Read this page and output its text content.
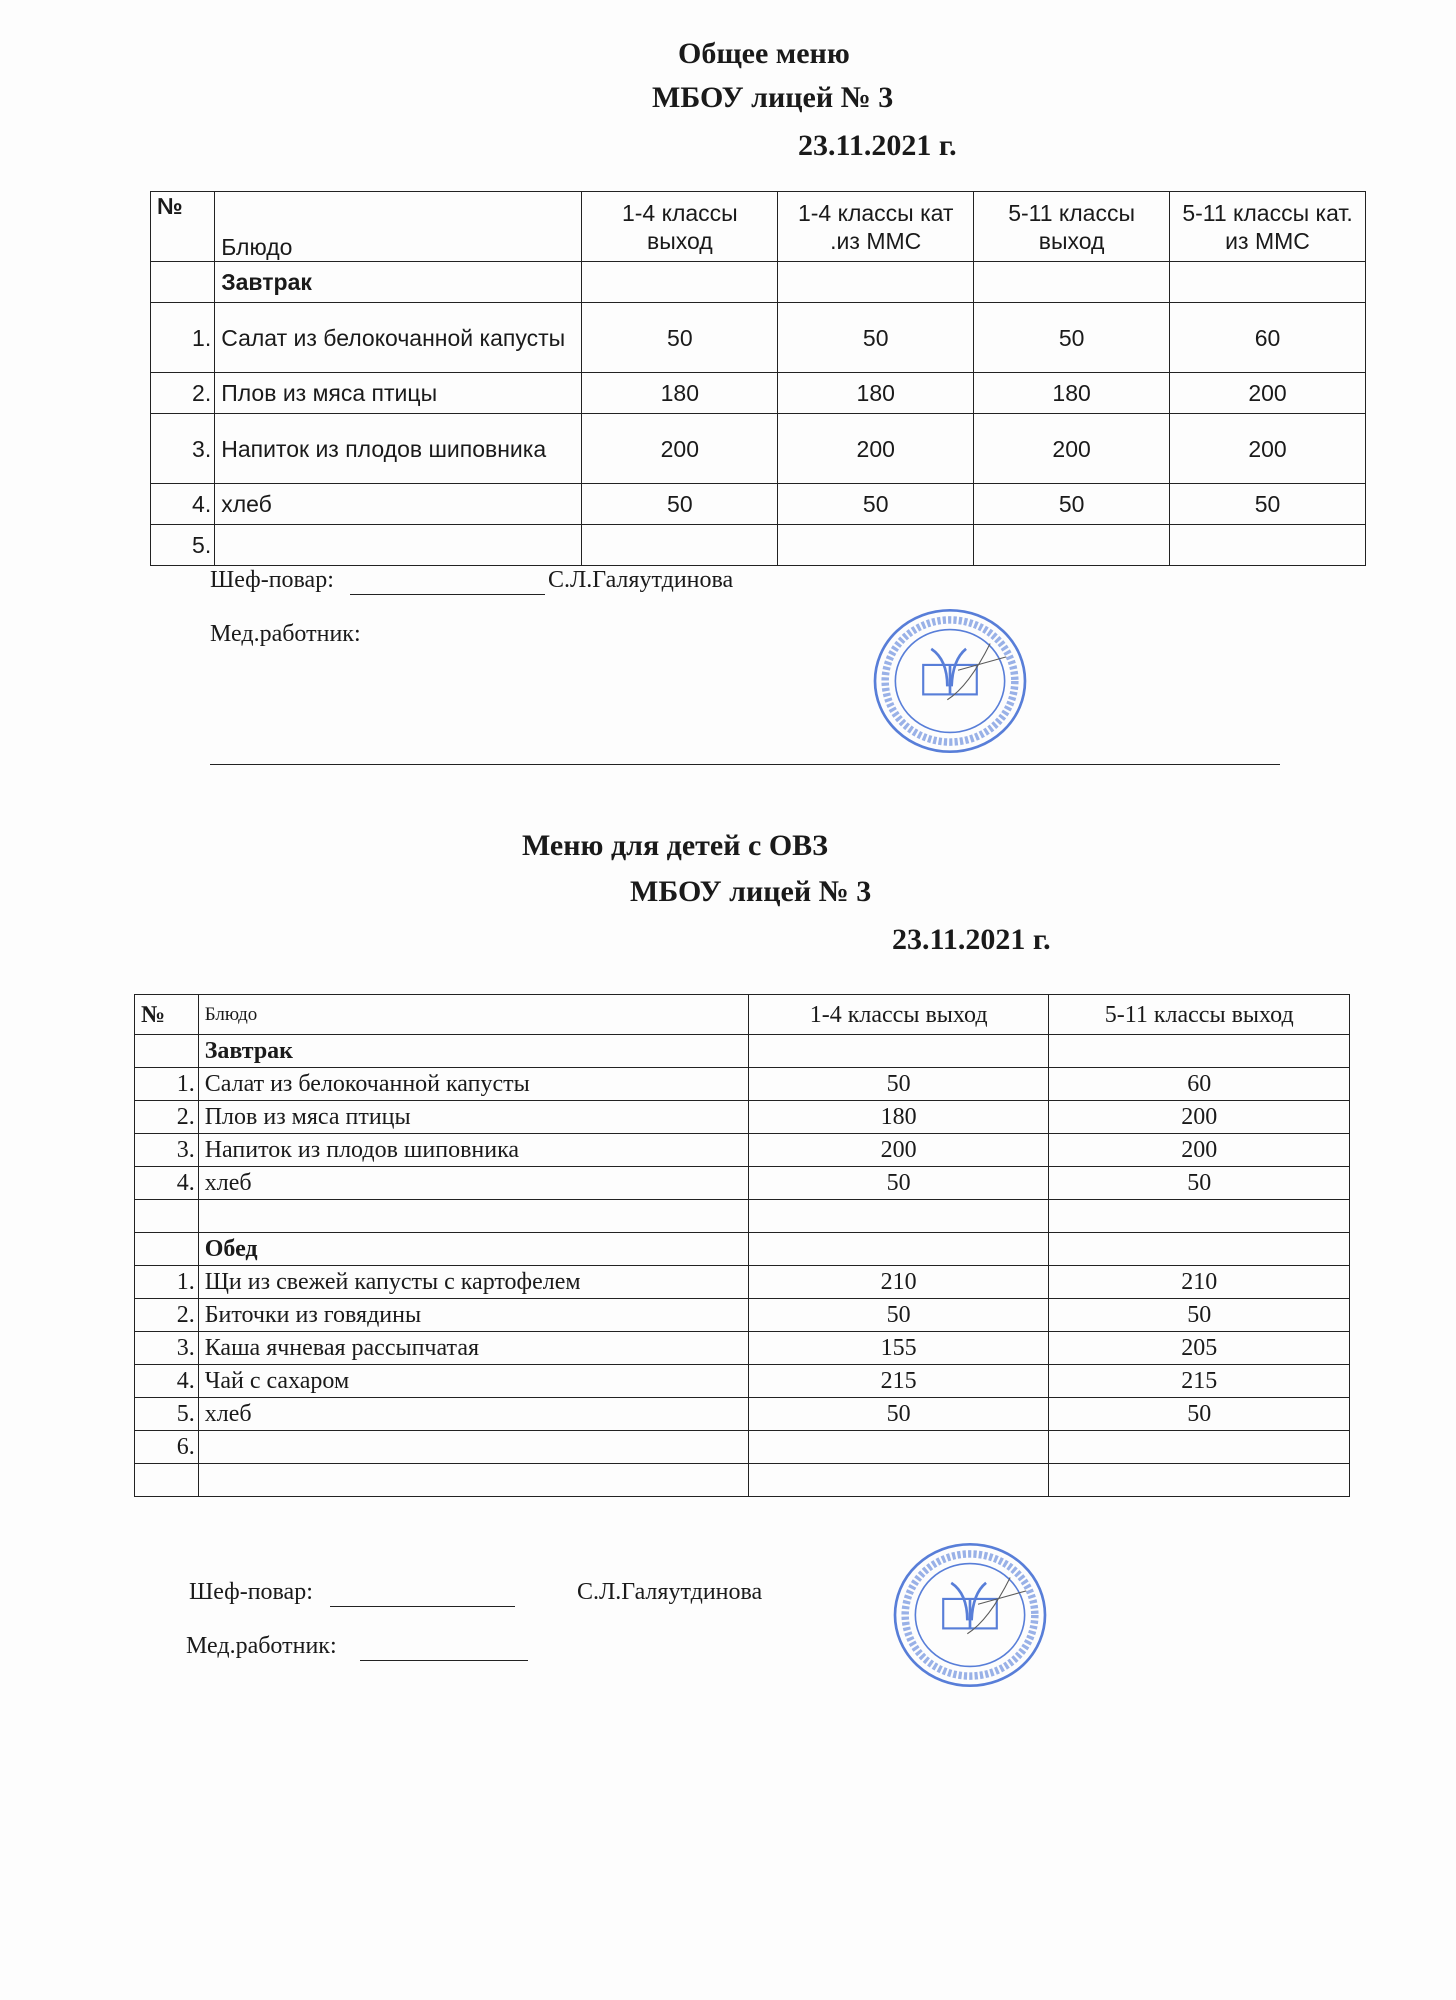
Общее меню
МБОУ лицей № 3
23.11.2021 г.
№	Блюдо	1-4 классы выход	1-4 классы кат .из ММС	5-11 классы выход	5-11 классы кат. из ММС
	Завтрак				
1.	Салат из белокочанной капусты	50	50	50	60
2.	Плов из мяса птицы	180	180	180	200
3.	Напиток из плодов шиповника	200	200	200	200
4.	хлеб	50	50	50	50
5.					
Шеф-повар:	С.Л.Галяутдинова
Мед.работник:
Меню для детей с ОВЗ
МБОУ лицей № 3
23.11.2021 г.
№	Блюдо	1-4 классы выход	5-11 классы выход
	Завтрак		
1.	Салат из белокочанной капусты	50	60
2.	Плов из мяса птицы	180	200
3.	Напиток из плодов шиповника	200	200
4.	хлеб	50	50

	Обед		
1.	Щи из свежей капусты с картофелем	210	210
2.	Биточки из говядины	50	50
3.	Каша ячневая рассыпчатая	155	205
4.	Чай с сахаром	215	215
5.	хлеб	50	50
6.			

Шеф-повар:	С.Л.Галяутдинова
Мед.работник:
